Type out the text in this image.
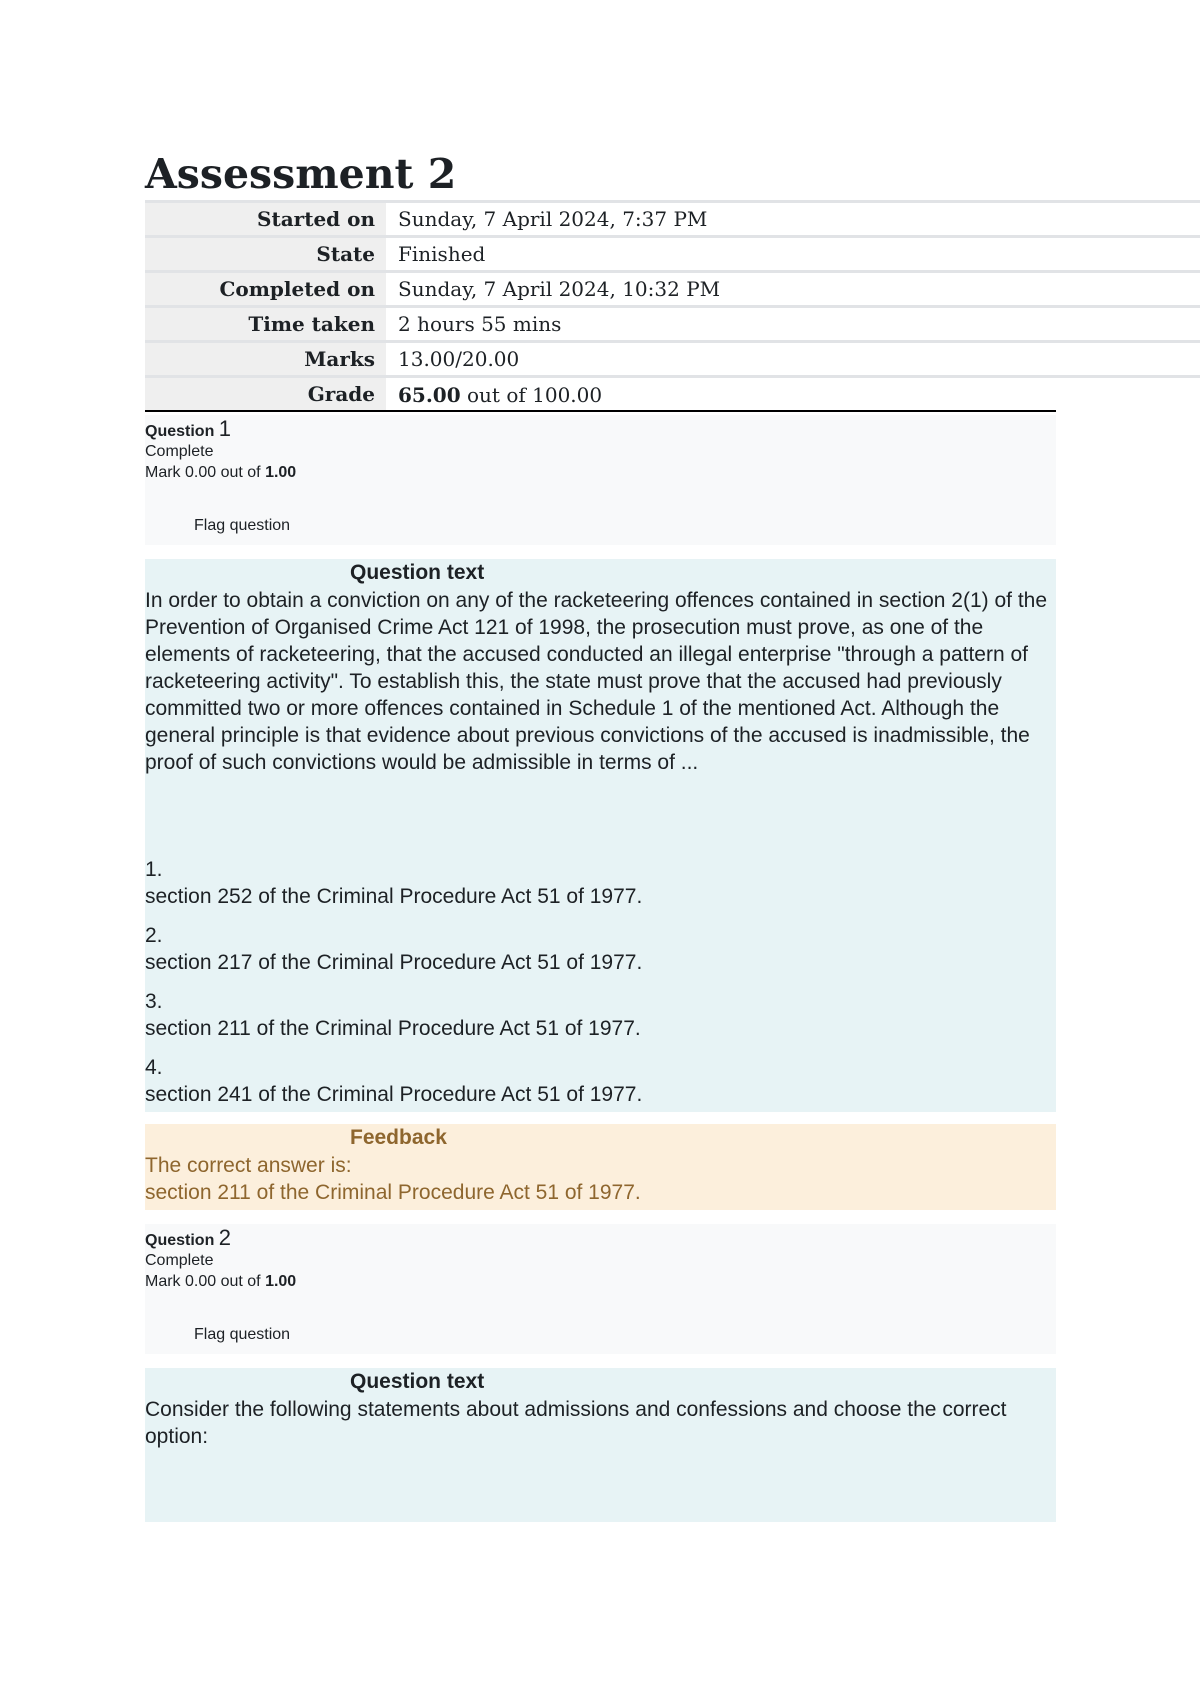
Assessment 2
Started on	Sunday, 7 April 2024, 7:37 PM
State	Finished
Completed on	Sunday, 7 April 2024, 10:32 PM
Time taken	2 hours 55 mins
Marks	13.00/20.00
Grade	65.00 out of 100.00
Question 1
Complete
Mark 0.00 out of 1.00
Flag question
Question text
In order to obtain a conviction on any of the racketeering offences contained in section 2(1) of the Prevention of Organised Crime Act 121 of 1998, the prosecution must prove, as one of the elements of racketeering, that the accused conducted an illegal enterprise "through a pattern of racketeering activity". To establish this, the state must prove that the accused had previously committed two or more offences contained in Schedule 1 of the mentioned Act. Although the general principle is that evidence about previous convictions of the accused is inadmissible, the proof of such convictions would be admissible in terms of ...
1.
section 252 of the Criminal Procedure Act 51 of 1977.
2.
section 217 of the Criminal Procedure Act 51 of 1977.
3.
section 211 of the Criminal Procedure Act 51 of 1977.
4.
section 241 of the Criminal Procedure Act 51 of 1977.
Feedback
The correct answer is:
section 211 of the Criminal Procedure Act 51 of 1977.
Question 2
Complete
Mark 0.00 out of 1.00
Flag question
Question text
Consider the following statements about admissions and confessions and choose the correct option:
